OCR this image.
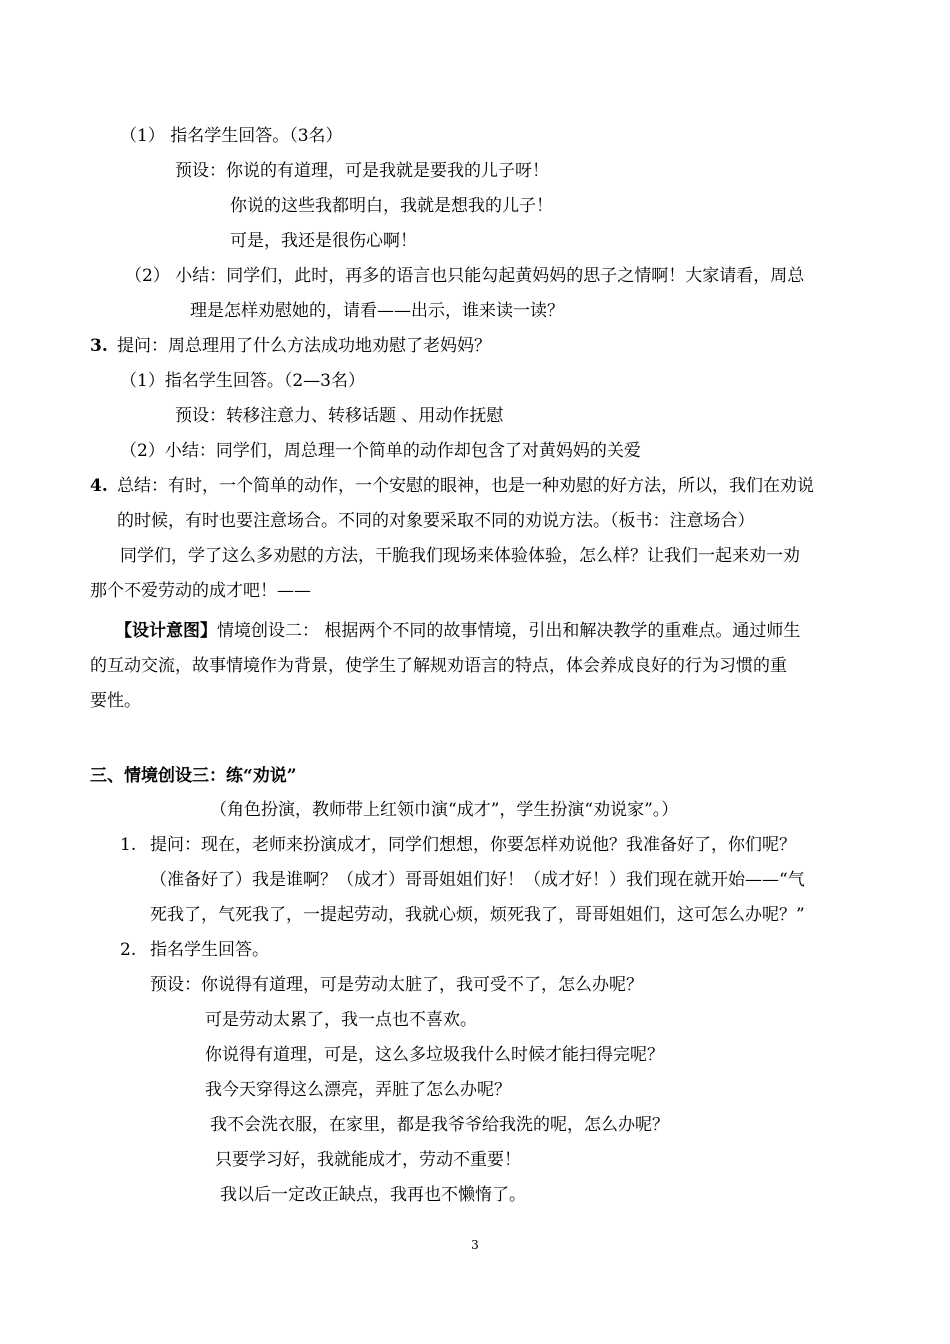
（1） 指名学生回答。（3名）
预设：你说的有道理，可是我就是要我的儿子呀！
你说的这些我都明白，我就是想我的儿子！
可是，我还是很伤心啊！
（2） 小结：同学们，此时，再多的语言也只能勾起黄妈妈的思子之情啊！大家请看，周总
理是怎样劝慰她的，请看——出示，谁来读一读？
3. 提问：周总理用了什么方法成功地劝慰了老妈妈？
（1）指名学生回答。（2—3名）
预设：转移注意力、转移话题 、用动作抚慰
（2）小结：同学们，周总理一个简单的动作却包含了对黄妈妈的关爱
4. 总结：有时，一个简单的动作，一个安慰的眼神，也是一种劝慰的好方法，所以，我们在劝说
的时候，有时也要注意场合。不同的对象要采取不同的劝说方法。（板书：注意场合）
同学们，学了这么多劝慰的方法，干脆我们现场来体验体验，怎么样？让我们一起来劝一劝
那个不爱劳动的成才吧！——
【设计意图】情境创设二： 根据两个不同的故事情境，引出和解决教学的重难点。通过师生
的互动交流，故事情境作为背景，使学生了解规劝语言的特点，体会养成良好的行为习惯的重
要性。
三、情境创设三：练“劝说”
（角色扮演，教师带上红领巾演“成才”，学生扮演“劝说家”。）
1. 提问：现在，老师来扮演成才，同学们想想，你要怎样劝说他？我准备好了，你们呢？
（准备好了）我是谁啊？（成才）哥哥姐姐们好！（成才好！）我们现在就开始——“气
死我了，气死我了，一提起劳动，我就心烦，烦死我了，哥哥姐姐们，这可怎么办呢？”
2. 指名学生回答。
预设：你说得有道理，可是劳动太脏了，我可受不了，怎么办呢？
可是劳动太累了，我一点也不喜欢。
你说得有道理，可是，这么多垃圾我什么时候才能扫得完呢？
我今天穿得这么漂亮，弄脏了怎么办呢？
我不会洗衣服，在家里，都是我爷爷给我洗的呢，怎么办呢？
只要学习好，我就能成才，劳动不重要！
我以后一定改正缺点，我再也不懒惰了。
3
